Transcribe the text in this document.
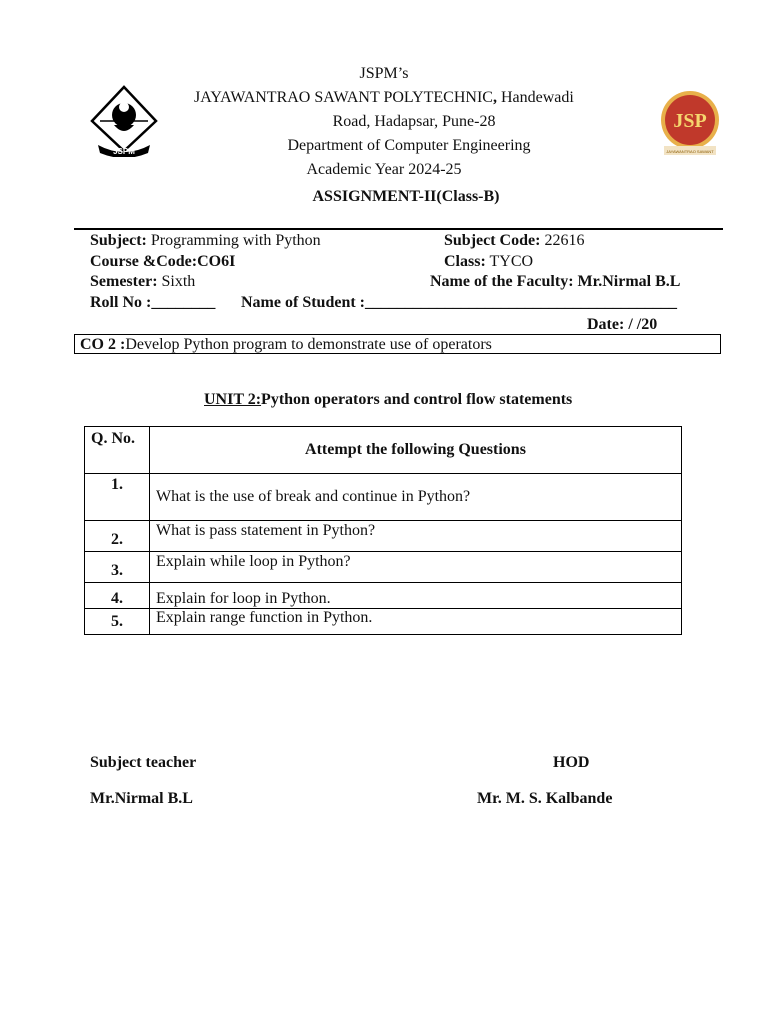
JSPM
JSP
JAYAWANTRAO SAWANT
JSPM’s
JAYAWANTRAO SAWANT POLYTECHNIC, Handewadi
Road, Hadapsar, Pune-28
Department of Computer Engineering
Academic Year 2024-25
ASSIGNMENT-II(Class-B)
Subject: Programming with Python	Subject Code: 22616
Course &Code:CO6I	Class: TYCO
Semester: Sixth	Name of the Faculty: Mr.Nirmal B.L
Roll No :________ Name of Student :_______________________________________
Date: / /20
CO 2 :Develop Python program to demonstrate use of operators
UNIT 2:Python operators and control flow statements
Q. No.	Attempt the following Questions
1.	What is the use of break and continue in Python?
2.	What is pass statement in Python?
3.	Explain while loop in Python?
4.	Explain for loop in Python.
5.	Explain range function in Python.
Subject teacher	HOD
Mr.Nirmal B.L	Mr. M. S. Kalbande
